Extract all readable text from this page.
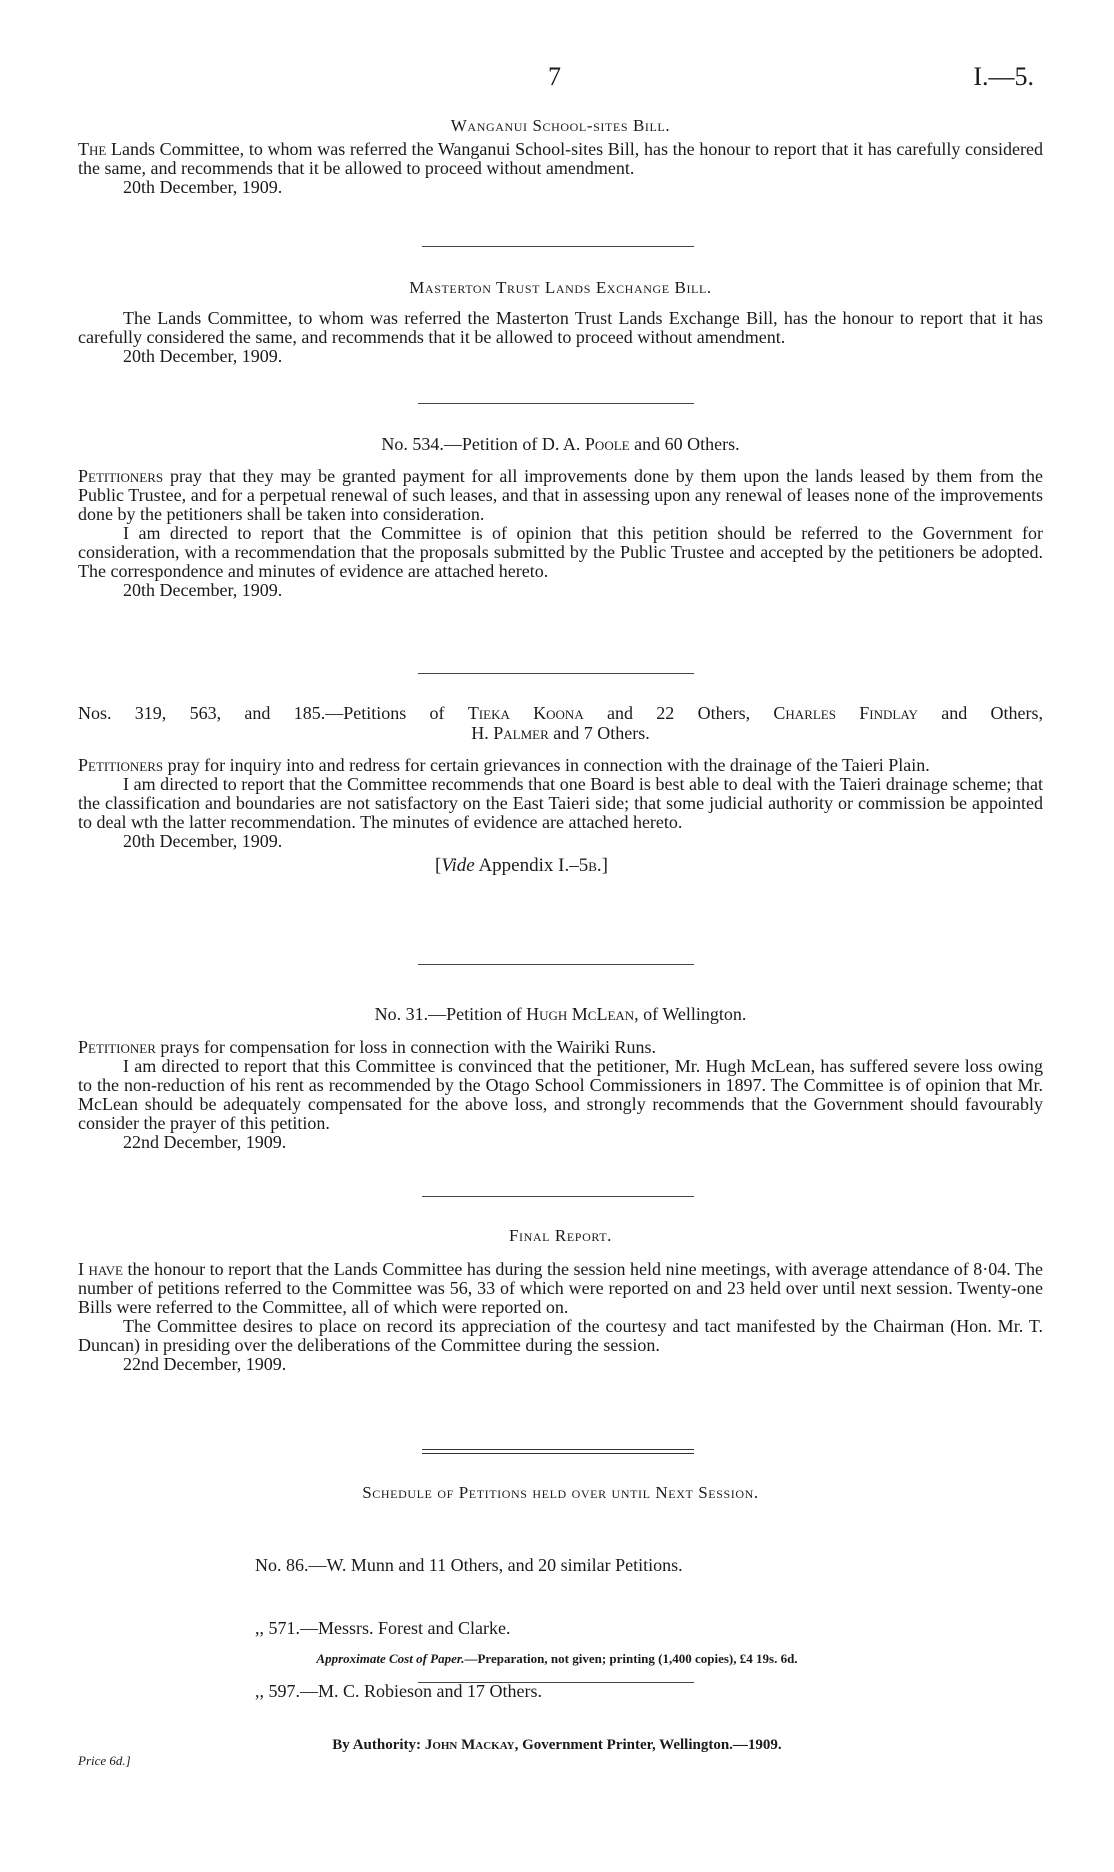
7	I.—5.
Wanganui School-sites Bill.

The Lands Committee, to whom was referred the Wanganui School-sites Bill, has the honour to report that it has carefully considered the same, and recommends that it be allowed to proceed without amendment.

20th December, 1909.
Masterton Trust Lands Exchange Bill.

The Lands Committee, to whom was referred the Masterton Trust Lands Exchange Bill, has the honour to report that it has carefully considered the same, and recommends that it be allowed to proceed without amendment.

20th December, 1909.
No. 534.—Petition of D. A. Poole and 60 Others.

Petitioners pray that they may be granted payment for all improvements done by them upon the lands leased by them from the Public Trustee, and for a perpetual renewal of such leases, and that in assessing upon any renewal of leases none of the improvements done by the petitioners shall be taken into consideration.

I am directed to report that the Committee is of opinion that this petition should be referred to the Government for consideration, with a recommendation that the proposals submitted by the Public Trustee and accepted by the petitioners be adopted. The correspondence and minutes of evidence are attached hereto.

20th December, 1909.
Nos. 319, 563, and 185.—Petitions of Tieka Koona and 22 Others, Charles Findlay and Others,
H. Palmer and 7 Others.

Petitioners pray for inquiry into and redress for certain grievances in connection with the drainage of the Taieri Plain.

I am directed to report that the Committee recommends that one Board is best able to deal with the Taieri drainage scheme; that the classification and boundaries are not satisfactory on the East Taieri side; that some judicial authority or commission be appointed to deal wth the latter recommendation. The minutes of evidence are attached hereto.

20th December, 1909.
[Vide Appendix I.–5b.]
No. 31.—Petition of Hugh McLean, of Wellington.

Petitioner prays for compensation for loss in connection with the Wairiki Runs.

I am directed to report that this Committee is convinced that the petitioner, Mr. Hugh McLean, has suffered severe loss owing to the non-reduction of his rent as recommended by the Otago School Commissioners in 1897. The Committee is of opinion that Mr. McLean should be adequately compensated for the above loss, and strongly recommends that the Government should favourably consider the prayer of this petition.

22nd December, 1909.
Final Report.

I have the honour to report that the Lands Committee has during the session held nine meetings, with average attendance of 8·04. The number of petitions referred to the Committee was 56, 33 of which were reported on and 23 held over until next session. Twenty-one Bills were referred to the Committee, all of which were reported on.

The Committee desires to place on record its appreciation of the courtesy and tact manifested by the Chairman (Hon. Mr. T. Duncan) in presiding over the deliberations of the Committee during the session.

22nd December, 1909.
Schedule of Petitions held over until Next Session.

No. 86.—W. Munn and 11 Others, and 20 similar Petitions.

,, 571.—Messrs. Forest and Clarke.

,, 597.—M. C. Robieson and 17 Others.

Approximate Cost of Paper.—Preparation, not given; printing (1,400 copies), £4 19s. 6d.
By Authority: John Mackay, Government Printer, Wellington.—1909.
Price 6d.]
